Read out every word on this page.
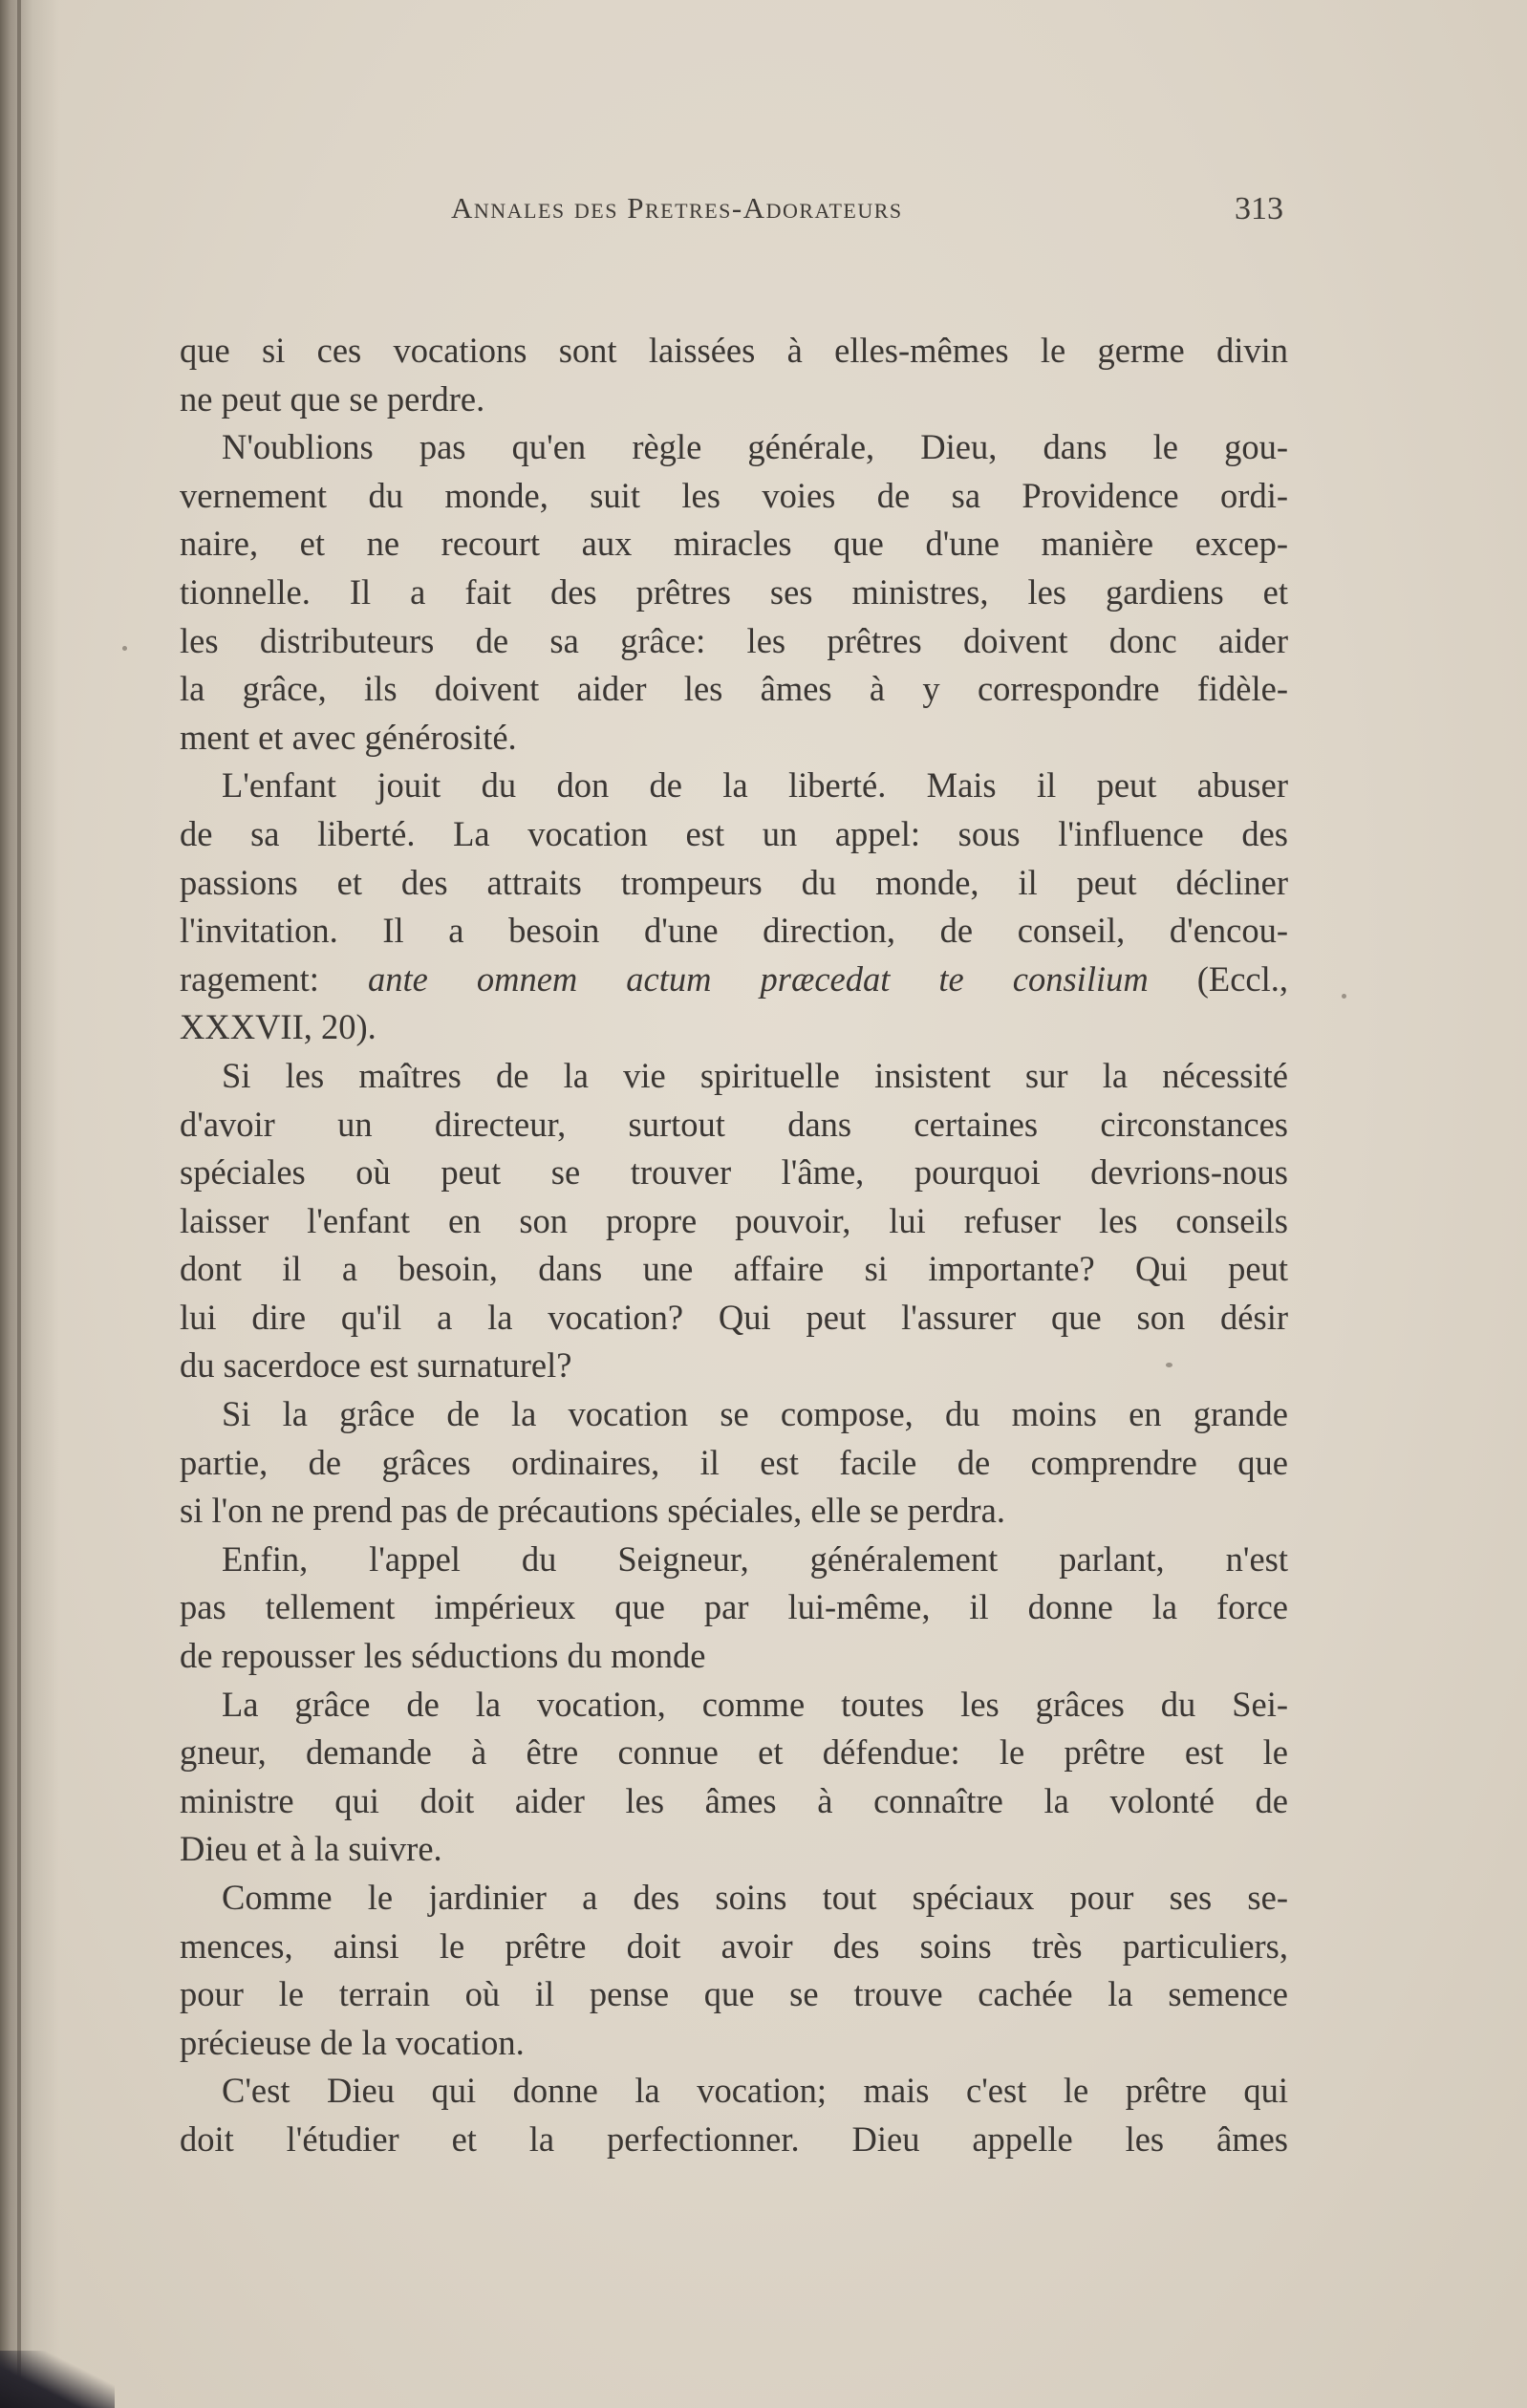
Annales des Pretres-Adorateurs	313
que si ces vocations sont laissées à elles-mêmes le germe divin
ne peut que se perdre.
N'oublions pas qu'en règle générale, Dieu, dans le gou-
vernement du monde, suit les voies de sa Providence ordi-
naire, et ne recourt aux miracles que d'une manière excep-
tionnelle. Il a fait des prêtres ses ministres, les gardiens et
les distributeurs de sa grâce: les prêtres doivent donc aider
la grâce, ils doivent aider les âmes à y correspondre fidèle-
ment et avec générosité.
L'enfant jouit du don de la liberté. Mais il peut abuser
de sa liberté. La vocation est un appel: sous l'influence des
passions et des attraits trompeurs du monde, il peut décliner
l'invitation. Il a besoin d'une direction, de conseil, d'encou-
ragement: ante omnem actum præcedat te consilium (Eccl.,
XXXVII, 20).
Si les maîtres de la vie spirituelle insistent sur la nécessité
d'avoir un directeur, surtout dans certaines circonstances
spéciales où peut se trouver l'âme, pourquoi devrions-nous
laisser l'enfant en son propre pouvoir, lui refuser les conseils
dont il a besoin, dans une affaire si importante? Qui peut
lui dire qu'il a la vocation? Qui peut l'assurer que son désir
du sacerdoce est surnaturel?
Si la grâce de la vocation se compose, du moins en grande
partie, de grâces ordinaires, il est facile de comprendre que
si l'on ne prend pas de précautions spéciales, elle se perdra.
Enfin, l'appel du Seigneur, généralement parlant, n'est
pas tellement impérieux que par lui-même, il donne la force
de repousser les séductions du monde
La grâce de la vocation, comme toutes les grâces du Sei-
gneur, demande à être connue et défendue: le prêtre est le
ministre qui doit aider les âmes à connaître la volonté de
Dieu et à la suivre.
Comme le jardinier a des soins tout spéciaux pour ses se-
mences, ainsi le prêtre doit avoir des soins très particuliers,
pour le terrain où il pense que se trouve cachée la semence
précieuse de la vocation.
C'est Dieu qui donne la vocation; mais c'est le prêtre qui
doit l'étudier et la perfectionner. Dieu appelle les âmes
